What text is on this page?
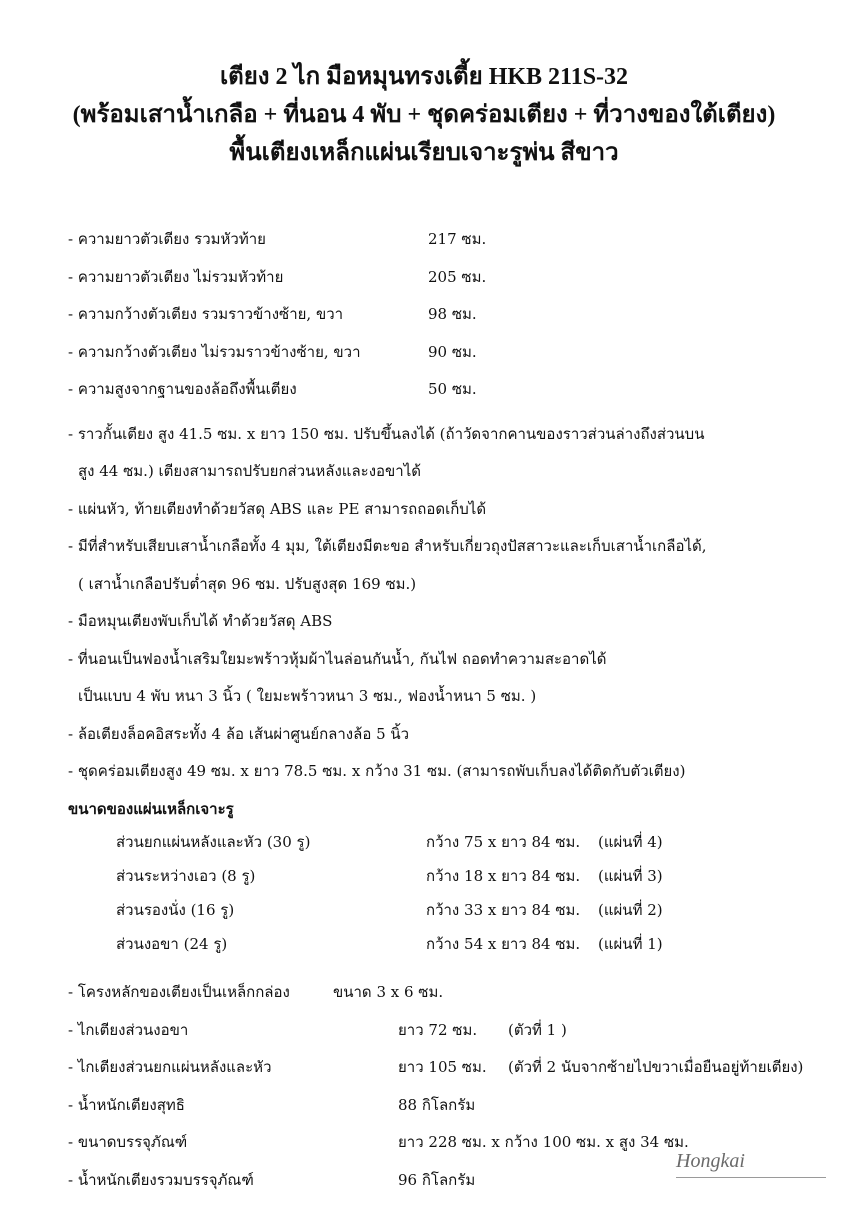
เตียง 2 ไก มือหมุนทรงเตี้ย HKB 211S-32
(พร้อมเสาน้ำเกลือ + ที่นอน 4 พับ + ชุดคร่อมเตียง + ที่วางของใต้เตียง)
พื้นเตียงเหล็กแผ่นเรียบเจาะรูพ่น สีขาว
- ความยาวตัวเตียง รวมหัวท้าย	217 ซม.
- ความยาวตัวเตียง ไม่รวมหัวท้าย	205 ซม.
- ความกว้างตัวเตียง รวมราวข้างซ้าย, ขวา	98 ซม.
- ความกว้างตัวเตียง ไม่รวมราวข้างซ้าย, ขวา	90 ซม.
- ความสูงจากฐานของล้อถึงพื้นเตียง	50 ซม.
- ราวกั้นเตียง สูง 41.5 ซม. x ยาว 150 ซม. ปรับขึ้นลงได้ (ถ้าวัดจากคานของราวส่วนล่างถึงส่วนบน
สูง 44 ซม.) เตียงสามารถปรับยกส่วนหลังและงอขาได้
- แผ่นหัว, ท้ายเตียงทำด้วยวัสดุ ABS และ PE สามารถถอดเก็บได้
- มีที่สำหรับเสียบเสาน้ำเกลือทั้ง 4 มุม, ใต้เตียงมีตะขอ สำหรับเกี่ยวถุงปัสสาวะและเก็บเสาน้ำเกลือได้,
( เสาน้ำเกลือปรับต่ำสุด 96 ซม. ปรับสูงสุด 169 ซม.)
- มือหมุนเตียงพับเก็บได้ ทำด้วยวัสดุ ABS
- ที่นอนเป็นฟองน้ำเสริมใยมะพร้าวหุ้มผ้าไนล่อนกันน้ำ, กันไฟ ถอดทำความสะอาดได้
เป็นแบบ 4 พับ หนา 3 นิ้ว ( ใยมะพร้าวหนา 3 ซม., ฟองน้ำหนา 5 ซม. )
- ล้อเตียงล็อคอิสระทั้ง 4 ล้อ เส้นผ่าศูนย์กลางล้อ 5 นิ้ว
- ชุดคร่อมเตียงสูง 49 ซม. x ยาว 78.5 ซม. x กว้าง 31 ซม. (สามารถพับเก็บลงได้ติดกับตัวเตียง)
ขนาดของแผ่นเหล็กเจาะรู
ส่วนยกแผ่นหลังและหัว (30 รู)	กว้าง 75 x ยาว 84 ซม. (แผ่นที่ 4)
ส่วนระหว่างเอว (8 รู)	กว้าง 18 x ยาว 84 ซม. (แผ่นที่ 3)
ส่วนรองนั่ง (16 รู)	กว้าง 33 x ยาว 84 ซม. (แผ่นที่ 2)
ส่วนงอขา (24 รู)	กว้าง 54 x ยาว 84 ซม. (แผ่นที่ 1)
- โครงหลักของเตียงเป็นเหล็กกล่อง	ขนาด 3 x 6 ซม.
- ไกเตียงส่วนงอขา	ยาว 72 ซม. (ตัวที่ 1 )
- ไกเตียงส่วนยกแผ่นหลังและหัว	ยาว 105 ซม. (ตัวที่ 2 นับจากซ้ายไปขวาเมื่อยืนอยู่ท้ายเตียง)
- น้ำหนักเตียงสุทธิ	88 กิโลกรัม
- ขนาดบรรจุภัณฑ์	ยาว 228 ซม. x กว้าง 100 ซม. x สูง 34 ซม.
- น้ำหนักเตียงรวมบรรจุภัณฑ์	96 กิโลกรัม
Hongkai
